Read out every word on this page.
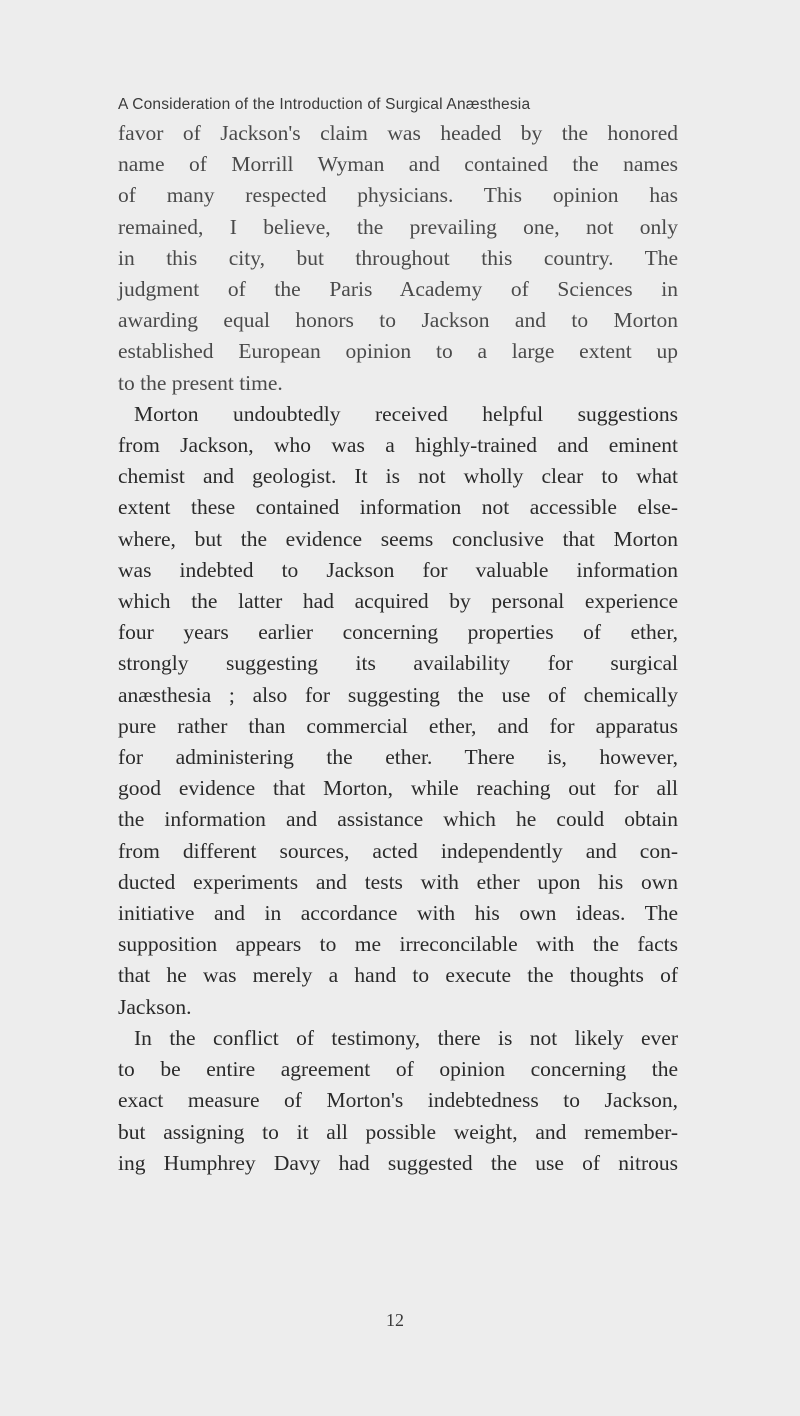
A Consideration of the Introduction of Surgical Anæsthesia
favor of Jackson's claim was headed by the honored
name of Morrill Wyman and contained the names
of many respected physicians. This opinion has
remained, I believe, the prevailing one, not only
in this city, but throughout this country. The
judgment of the Paris Academy of Sciences in
awarding equal honors to Jackson and to Morton
established European opinion to a large extent up
to the present time.
Morton undoubtedly received helpful suggestions
from Jackson, who was a highly-trained and eminent
chemist and geologist. It is not wholly clear to what
extent these contained information not accessible else-
where, but the evidence seems conclusive that Morton
was indebted to Jackson for valuable information
which the latter had acquired by personal experience
four years earlier concerning properties of ether,
strongly suggesting its availability for surgical
anæsthesia ; also for suggesting the use of chemically
pure rather than commercial ether, and for apparatus
for administering the ether. There is, however,
good evidence that Morton, while reaching out for all
the information and assistance which he could obtain
from different sources, acted independently and con-
ducted experiments and tests with ether upon his own
initiative and in accordance with his own ideas. The
supposition appears to me irreconcilable with the facts
that he was merely a hand to execute the thoughts of
Jackson.
In the conflict of testimony, there is not likely ever
to be entire agreement of opinion concerning the
exact measure of Morton's indebtedness to Jackson,
but assigning to it all possible weight, and remember-
ing Humphrey Davy had suggested the use of nitrous
12
